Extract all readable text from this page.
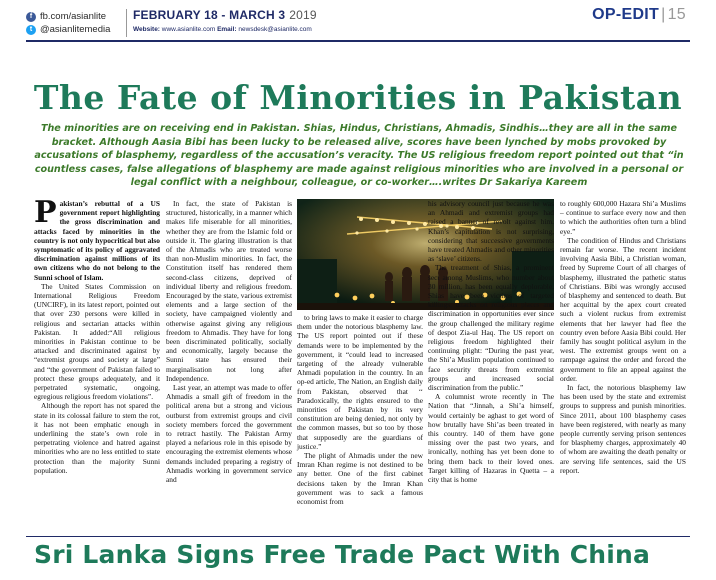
f fb.com/asianlite
t @asianlitemedia
FEBRUARY 18 - MARCH 3 2019
Website: www.asianlite.com Email: newsdesk@asianlite.com
OP-EDIT | 15
The Fate of Minorities in Pakistan

The minorities are on receiving end in Pakistan. Shias, Hindus, Christians, Ahmadis, Sindhis…they are all in the same bracket. Although Aasia Bibi has been lucky to be released alive, scores have been lynched by mobs provoked by accusations of blasphemy, regardless of the accusation’s veracity. The US religious freedom report pointed out that “in countless cases, false allegations of blasphemy are made against religious minorities who are involved in a personal or legal conflict with a neighbour, colleague, or co-worker….writes Dr Sakariya Kareem

Pakistan’s rebuttal of a US government report highlighting the gross discrimination and attacks faced by minorities in the country is not only hypocritical but also symptomatic of its policy of aggravated discrimination against millions of its own citizens who do not belong to the Sunni school of Islam.

The United States Commission on International Religious Freedom (UNCIRF), in its latest report, pointed out that over 230 persons were killed in religious and sectarian attacks within Pakistan. It added:“All religious minorities in Pakistan continue to be attacked and discriminated against by “extremist groups and society at large” and “the government of Pakistan failed to protect these groups adequately, and it perpetrated systematic, ongoing, egregious religious freedom violations”.

Although the report has not spared the state in its colossal failure to stem the rot, it has not been emphatic enough in underlining the state’s own role in perpetrating violence and hatred against minorities who are no less entitled to state protection than the majority Sunni population.

In fact, the state of Pakistan is structured, historically, in a manner which makes life miserable for all minorities, whether they are from the Islamic fold or outside it. The glaring illustration is that of the Ahmadis who are treated worse than non-Muslim minorities. In fact, the Constitution itself has rendered them second-class citizens, deprived of individual liberty and religious freedom. Encouraged by the state, various extremist elements and a large section of the society, have campaigned violently and otherwise against giving any religious freedom to Ahmadis. They have for long been discriminated politically, socially and economically, largely because the Sunni state has ensured their marginalisation not long after Independence.

Last year, an attempt was made to offer Ahmadis a small gift of freedom in the political arena but a strong and vicious outburst from extremist groups and civil society members forced the government to retract hastily. The Pakistan Army played a nefarious role in this episode by encouraging the extremist elements whose demands included preparing a registry of Ahmadis working in government service and

to bring laws to make it easier to charge them under the notorious blasphemy law. The US report pointed out if these demands were to be implemented by the government, it “could lead to increased targeting of the already vulnerable Ahmadi population in the country. In an op-ed article, The Nation, an English daily from Pakistan, observed that ‘‘ Paradoxically, the rights ensured to the minorities of Pakistan by its very constitution are being denied, not only by the common masses, but so too by those that supposedly are the guardians of justice.”

The plight of Ahmadis under the new Imran Khan regime is not destined to be any better. One of the first cabinet decisions taken by the Imran Khan government was to sack a famous economist from

his advisory council just because he was an Ahmadi and extremist groups had raised a banner of revolt against him. Khan’s capitulation is not surprising, considering that successive governments have treated Ahmadis and other minorities as ‘slave’ citizens.

The treatment of Shias, a prominent sect among Muslims, who number about 30 million, has been equally deplorable. Shias have been victims of targeted killings, attacks on religious places and discrimination in opportunities ever since the group challenged the military regime of despot Zia-ul Haq. The US report on religious freedom highlighted their continuing plight: “During the past year, the Shi’a Muslim population continued to face security threats from extremist groups and increased social discrimination from the public.”

A columnist wrote recently in The Nation that “Jinnah, a Shi’a himself, would certainly be aghast to get word of how brutally have Shi’as been treated in this country. 140 of them have gone missing over the past two years, and ironically, nothing has yet been done to bring them back to their loved ones. Target killing of Hazaras in Quetta – a city that is home

to roughly 600,000 Hazara Shi’a Muslims – continue to surface every now and then to which the authorities often turn a blind eye.”

The condition of Hindus and Christians remain far worse. The recent incident involving Aasia Bibi, a Christian woman, freed by Supreme Court of all charges of blasphemy, illustrated the pathetic status of Christians. Bibi was wrongly accused of blasphemy and sentenced to death. But her acquittal by the apex court created such a violent ruckus from extremist elements that her lawyer had flee the country even before Aasia Bibi could. Her family has sought political asylum in the west. The extremist groups went on a rampage against the order and forced the government to file an appeal against the order.

In fact, the notorious blasphemy law has been used by the state and extremist groups to suppress and punish minorities. Since 2011, about 100 blasphemy cases have been registered, with nearly as many people currently serving prison sentences for blasphemy charges, approximately 40 of whom are awaiting the death penalty or are serving life sentences, said the US report.

Sri Lanka Signs Free Trade Pact With China
